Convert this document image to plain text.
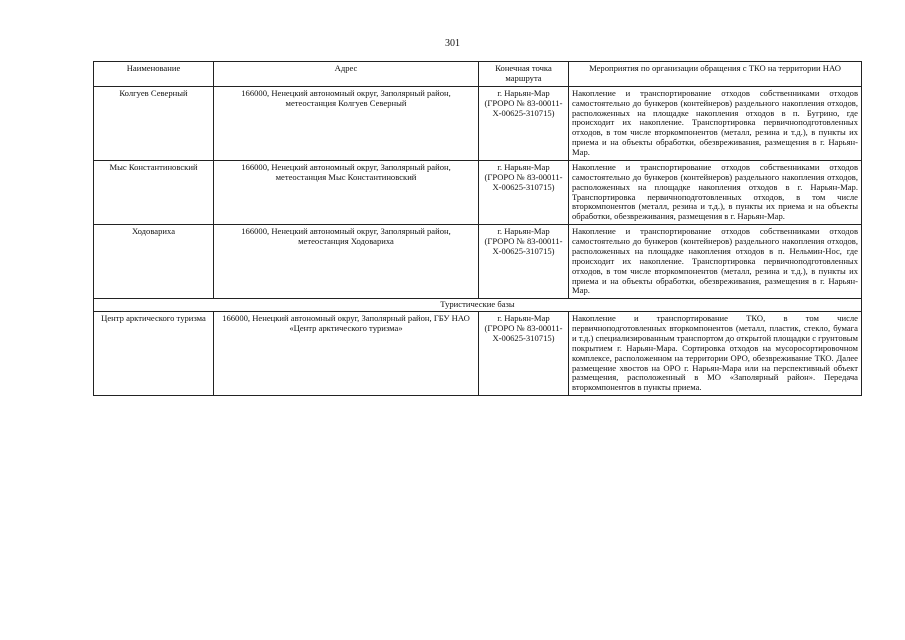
301
Наименование	Адрес	Конечная точка маршрута	Мероприятия по организации обращения с ТКО на территории НАО
Колгуев Северный	166000, Ненецкий автономный округ, Заполярный район, метеостанция Колгуев Северный	г. Нарьян-Мар (ГРОРО № 83-00011-Х-00625-310715)	Накопление и транспортирование отходов собственниками отходов самостоятельно до бункеров (контейнеров) раздельного накопления отходов, расположенных на площадке накопления отходов в п. Бугрино, где происходит их накопление. Транспортировка первичноподготовленных отходов, в том числе вторкомпонентов (металл, резина и т.д.), в пункты их приема и на объекты обработки, обезвреживания, размещения в г. Нарьян-Мар.
Мыс Константиновский	166000, Ненецкий автономный округ, Заполярный район, метеостанция Мыс Константиновский	г. Нарьян-Мар (ГРОРО № 83-00011-Х-00625-310715)	Накопление и транспортирование отходов собственниками отходов самостоятельно до бункеров (контейнеров) раздельного накопления отходов, расположенных на площадке накопления отходов в г. Нарьян-Мар. Транспортировка первичноподготовленных отходов, в том числе вторкомпонентов (металл, резина и т.д.), в пункты их приема и на объекты обработки, обезвреживания, размещения в г. Нарьян-Мар.
Ходовариха	166000, Ненецкий автономный округ, Заполярный район, метеостанция Ходовариха	г. Нарьян-Мар (ГРОРО № 83-00011-Х-00625-310715)	Накопление и транспортирование отходов собственниками отходов самостоятельно до бункеров (контейнеров) раздельного накопления отходов, расположенных на площадке накопления отходов в п. Нельмин-Нос, где происходит их накопление. Транспортировка первичноподготовленных отходов, в том числе вторкомпонентов (металл, резина и т.д.), в пункты их приема и на объекты обработки, обезвреживания, размещения в г. Нарьян-Мар.
Туристические базы			
Центр арктического туризма	166000, Ненецкий автономный округ, Заполярный район, ГБУ НАО «Центр арктического туризма»	г. Нарьян-Мар (ГРОРО № 83-00011-Х-00625-310715)	Накопление и транспортирование ТКО, в том числе первичноподготовленных вторкомпонентов (металл, пластик, стекло, бумага и т.д.) специализированным транспортом до открытой площадки с грунтовым покрытием г. Нарьян-Мара. Сортировка отходов на мусоросортировочном комплексе, расположенном на территории ОРО, обезвреживание ТКО. Далее размещение хвостов на ОРО г. Нарьян-Мара или на перспективный объект размещения, расположенный в МО «Заполярный район». Передача вторкомпонентов в пункты приема.
